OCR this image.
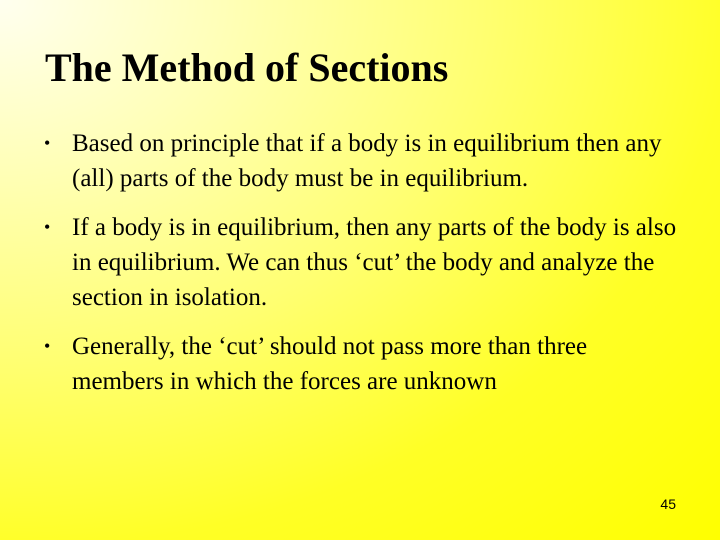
The Method of Sections
• Based on principle that if a body is in equilibrium then any (all) parts of the body must be in equilibrium.
• If a body is in equilibrium, then any parts of the body is also in equilibrium. We can thus ‘cut’ the body and analyze the section in isolation.
• Generally, the ‘cut’ should not pass more than three members in which the forces are unknown
45
